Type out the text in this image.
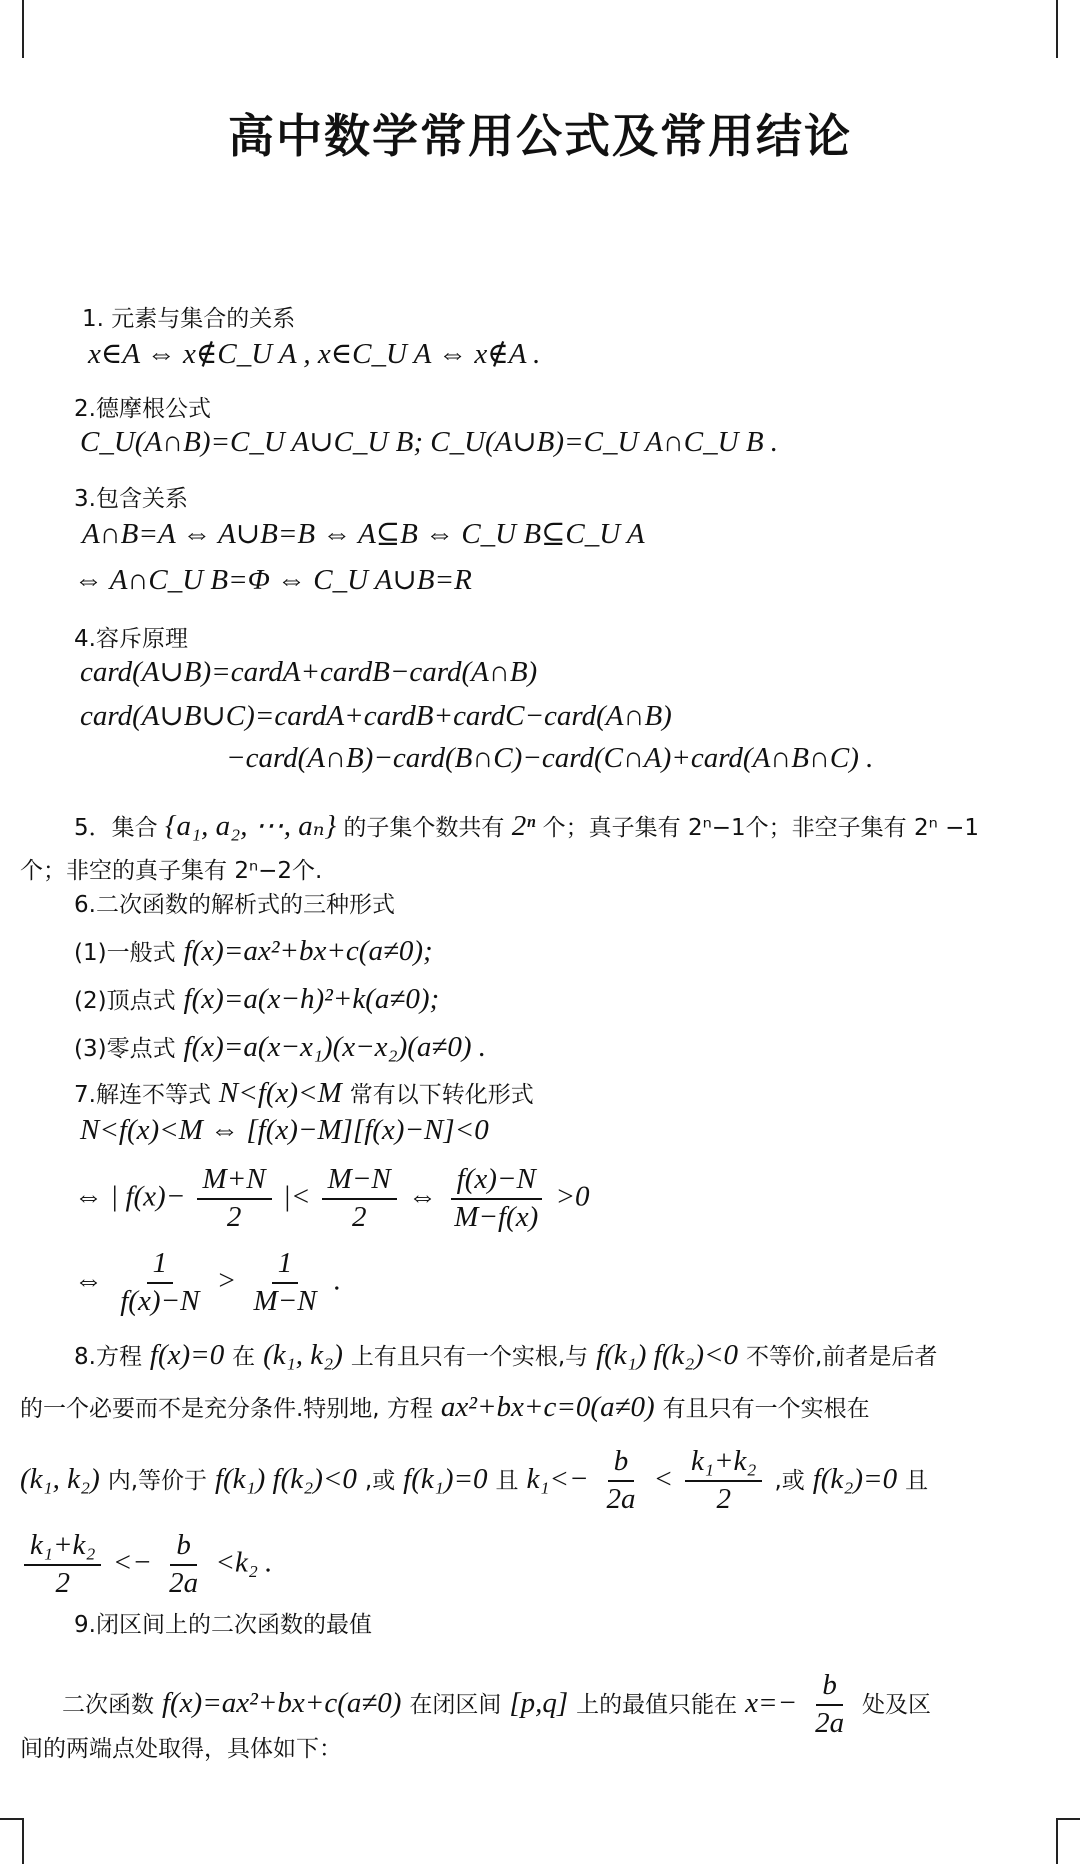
高中数学常用公式及常用结论
1. 元素与集合的关系
x∈A ⇔ x∉C_U A , x∈C_U A ⇔ x∉A .
2.德摩根公式
C_U(A∩B)=C_U A∪C_U B; C_U(A∪B)=C_U A∩C_U B .
3.包含关系
A∩B=A ⇔ A∪B=B ⇔ A⊆B ⇔ C_U B⊆C_U A
⇔ A∩C_U B=Φ ⇔ C_U A∪B=R
4.容斥原理
card(A∪B)=cardA+cardB−card(A∩B)
card(A∪B∪C)=cardA+cardB+cardC−card(A∩B)
−card(A∩B)−card(B∩C)−card(C∩A)+card(A∩B∩C) .
5．集合 {a₁, a₂, ⋯, aₙ} 的子集个数共有 2ⁿ 个；真子集有 2ⁿ−1个；非空子集有 2ⁿ −1
个；非空的真子集有 2ⁿ−2个.
6.二次函数的解析式的三种形式
(1)一般式 f(x)=ax²+bx+c(a≠0);
(2)顶点式 f(x)=a(x−h)²+k(a≠0);
(3)零点式 f(x)=a(x−x₁)(x−x₂)(a≠0) .
7.解连不等式 N<f(x)<M 常有以下转化形式
N<f(x)<M ⇔ [f(x)−M][f(x)−N]<0
⇔ | $f(x)- \frac{M+N}{2}$ |< $\frac{M-N}{2}$ ⇔ $\frac{f(x)-N}{M-f(x)} >0$
⇔ $\frac{1}{f(x)-N} > \frac{1}{M-N}$ .
8.方程 f(x)=0 在 (k₁, k₂) 上有且只有一个实根,与 f(k₁) f(k₂)<0 不等价,前者是后者
的一个必要而不是充分条件.特别地, 方程 ax²+bx+c=0(a≠0) 有且只有一个实根在
(k₁, k₂) 内,等价于 f(k₁) f(k₂)<0 ,或 f(k₁)=0 且 $k_1<- \frac{b}{2a} < \frac{\text{k₁+k₂}}{2}$ ,或 f(k₂)=0 且
$\frac{\text{k₁+k₂}}{2} <- \frac{b}{2a} <k_2$ .
9.闭区间上的二次函数的最值
二次函数 f(x)=ax²+bx+c(a≠0) 在闭区间 [p,q] 上的最值只能在 $x=- \frac{b}{2a}$ 处及区
间的两端点处取得，具体如下：
